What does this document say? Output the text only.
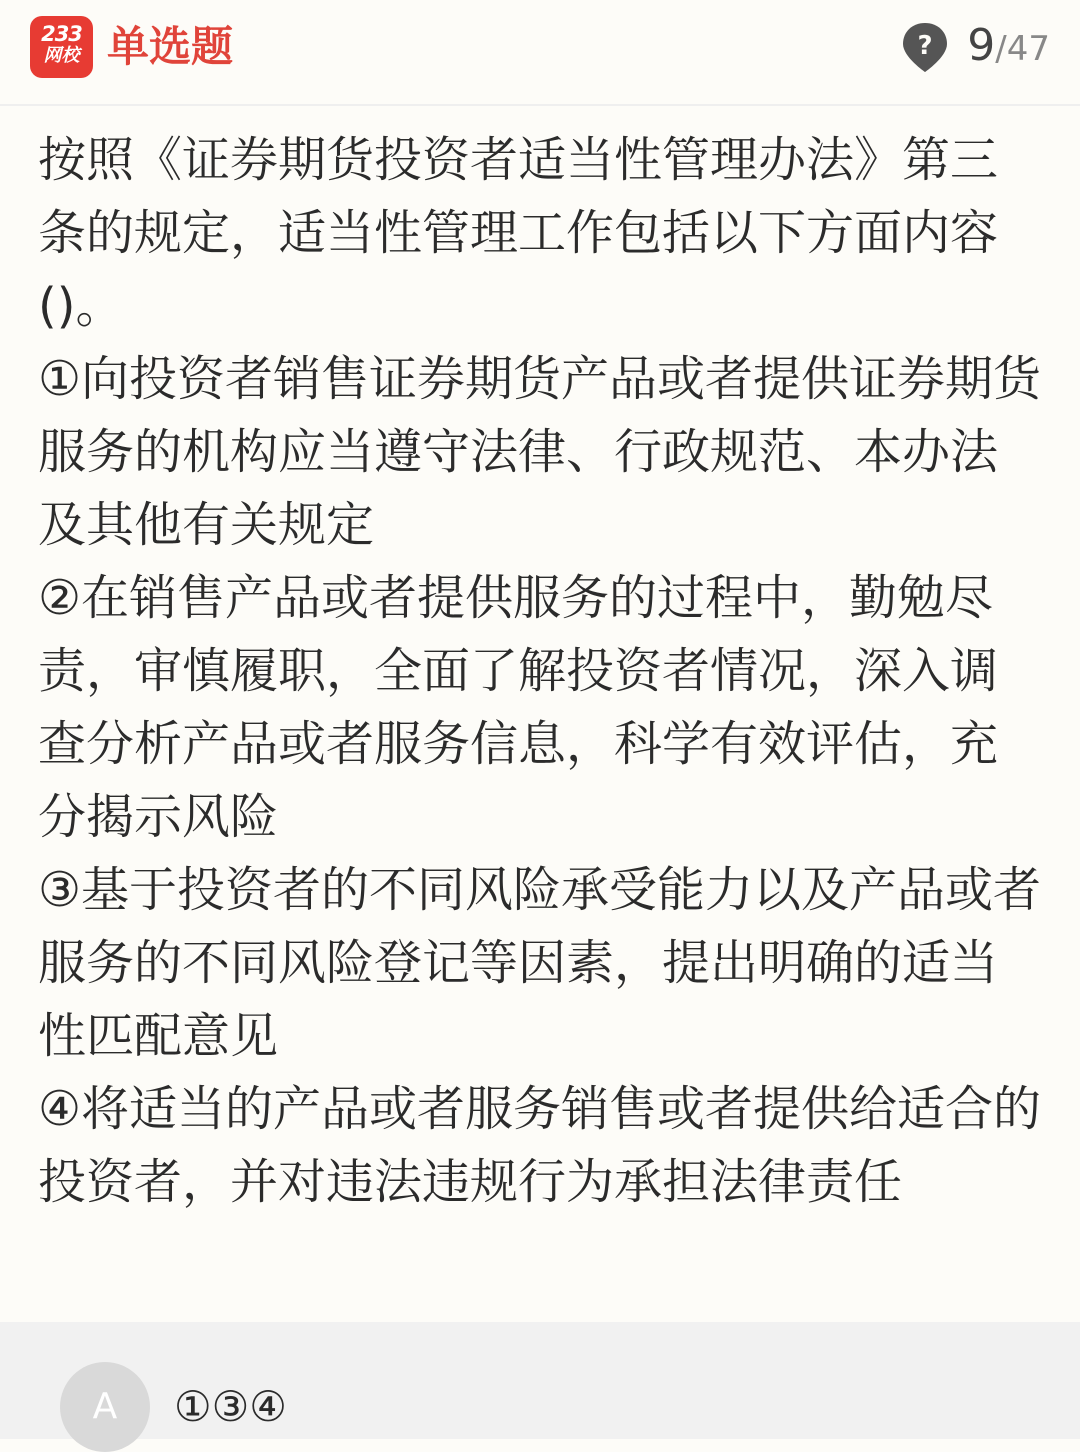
233
网校 单选题	? 9/47

按照《证券期货投资者适当性管理办法》第三条的规定，适当性管理工作包括以下方面内容()。

①向投资者销售证券期货产品或者提供证券期货服务的机构应当遵守法律、行政规范、本办法及其他有关规定

②在销售产品或者提供服务的过程中，勤勉尽责，审慎履职，全面了解投资者情况，深入调查分析产品或者服务信息，科学有效评估，充分揭示风险

③基于投资者的不同风险承受能力以及产品或者服务的不同风险登记等因素，提出明确的适当性匹配意见

④将适当的产品或者服务销售或者提供给适合的投资者，并对违法违规行为承担法律责任

A	①③④
